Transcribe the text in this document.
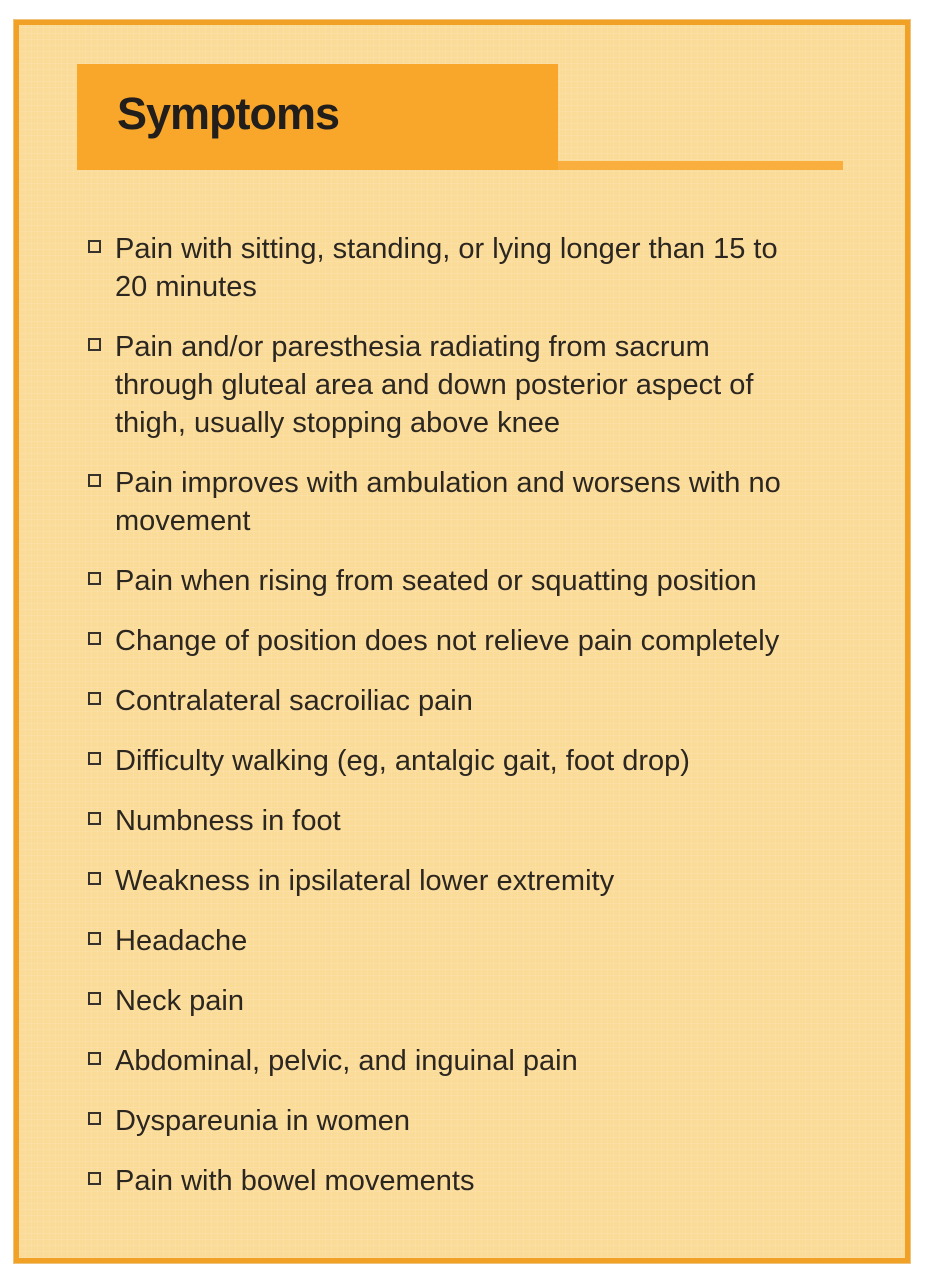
Symptoms
Pain with sitting, standing, or lying longer than 15 to
20 minutes
Pain and/or paresthesia radiating from sacrum
through gluteal area and down posterior aspect of
thigh, usually stopping above knee
Pain improves with ambulation and worsens with no
movement
Pain when rising from seated or squatting position
Change of position does not relieve pain completely
Contralateral sacroiliac pain
Difficulty walking (eg, antalgic gait, foot drop)
Numbness in foot
Weakness in ipsilateral lower extremity
Headache
Neck pain
Abdominal, pelvic, and inguinal pain
Dyspareunia in women
Pain with bowel movements
